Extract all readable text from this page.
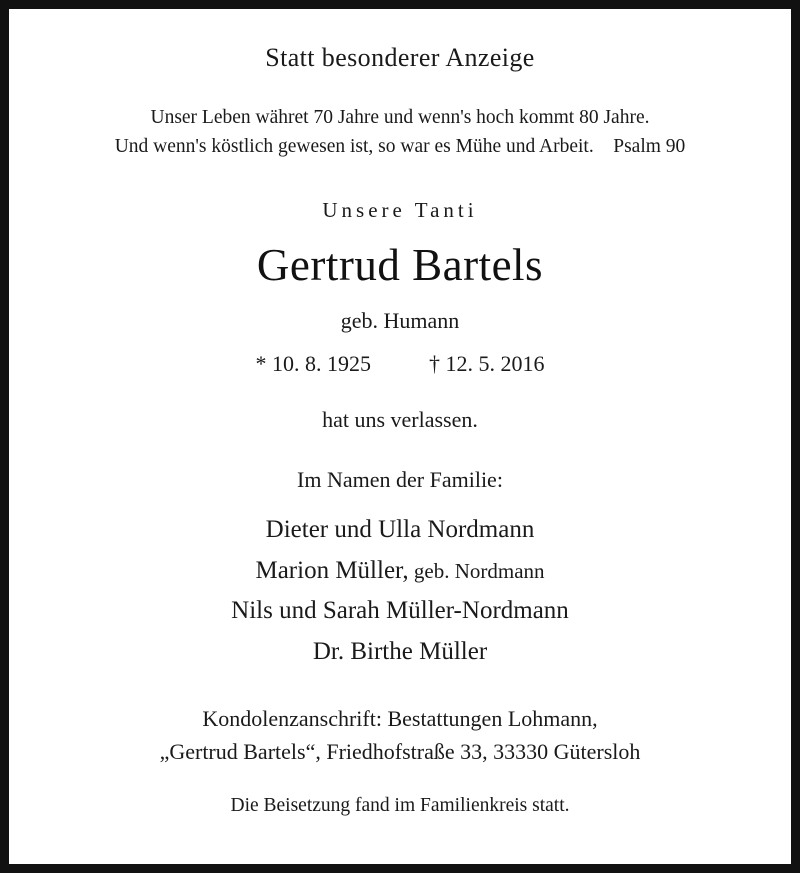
Statt besonderer Anzeige
Unser Leben währet 70 Jahre und wenn's hoch kommt 80 Jahre.
Und wenn's köstlich gewesen ist, so war es Mühe und Arbeit. Psalm 90
Unsere Tanti
Gertrud Bartels
geb. Humann
* 10. 8. 1925	† 12. 5. 2016
hat uns verlassen.
Im Namen der Familie:
Dieter und Ulla Nordmann
Marion Müller, geb. Nordmann
Nils und Sarah Müller-Nordmann
Dr. Birthe Müller
Kondolenzanschrift: Bestattungen Lohmann,
„Gertrud Bartels“, Friedhofstraße 33, 33330 Gütersloh
Die Beisetzung fand im Familienkreis statt.
